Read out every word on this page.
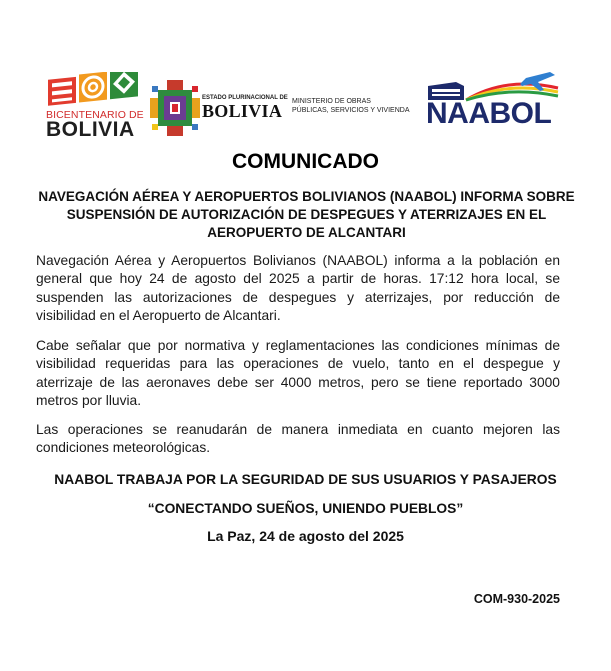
BICENTENARIO DE
BOLIVIA
ESTADO PLURINACIONAL DE
BOLIVIA MINISTERIO DE OBRAS
PÚBLICAS, SERVICIOS Y VIVIENDA NAABOL
COMUNICADO
NAVEGACIÓN AÉREA Y AEROPUERTOS BOLIVIANOS (NAABOL) INFORMA SOBRE SUSPENSIÓN DE AUTORIZACIÓN DE DESPEGUES Y ATERRIZAJES EN EL AEROPUERTO DE ALCANTARI
Navegación Aérea y Aeropuertos Bolivianos (NAABOL) informa a la población en general que hoy 24 de agosto del 2025 a partir de horas. 17:12 hora local, se suspenden las autorizaciones de despegues y aterrizajes, por reducción de visibilidad en el Aeropuerto de Alcantari.
Cabe señalar que por normativa y reglamentaciones las condiciones mínimas de visibilidad requeridas para las operaciones de vuelo, tanto en el despegue y aterrizaje de las aeronaves debe ser 4000 metros, pero se tiene reportado 3000 metros por lluvia.
Las operaciones se reanudarán de manera inmediata en cuanto mejoren las condiciones meteorológicas.
NAABOL TRABAJA POR LA SEGURIDAD DE SUS USUARIOS Y PASAJEROS
“CONECTANDO SUEÑOS, UNIENDO PUEBLOS”
La Paz, 24 de agosto del 2025
COM-930-2025
